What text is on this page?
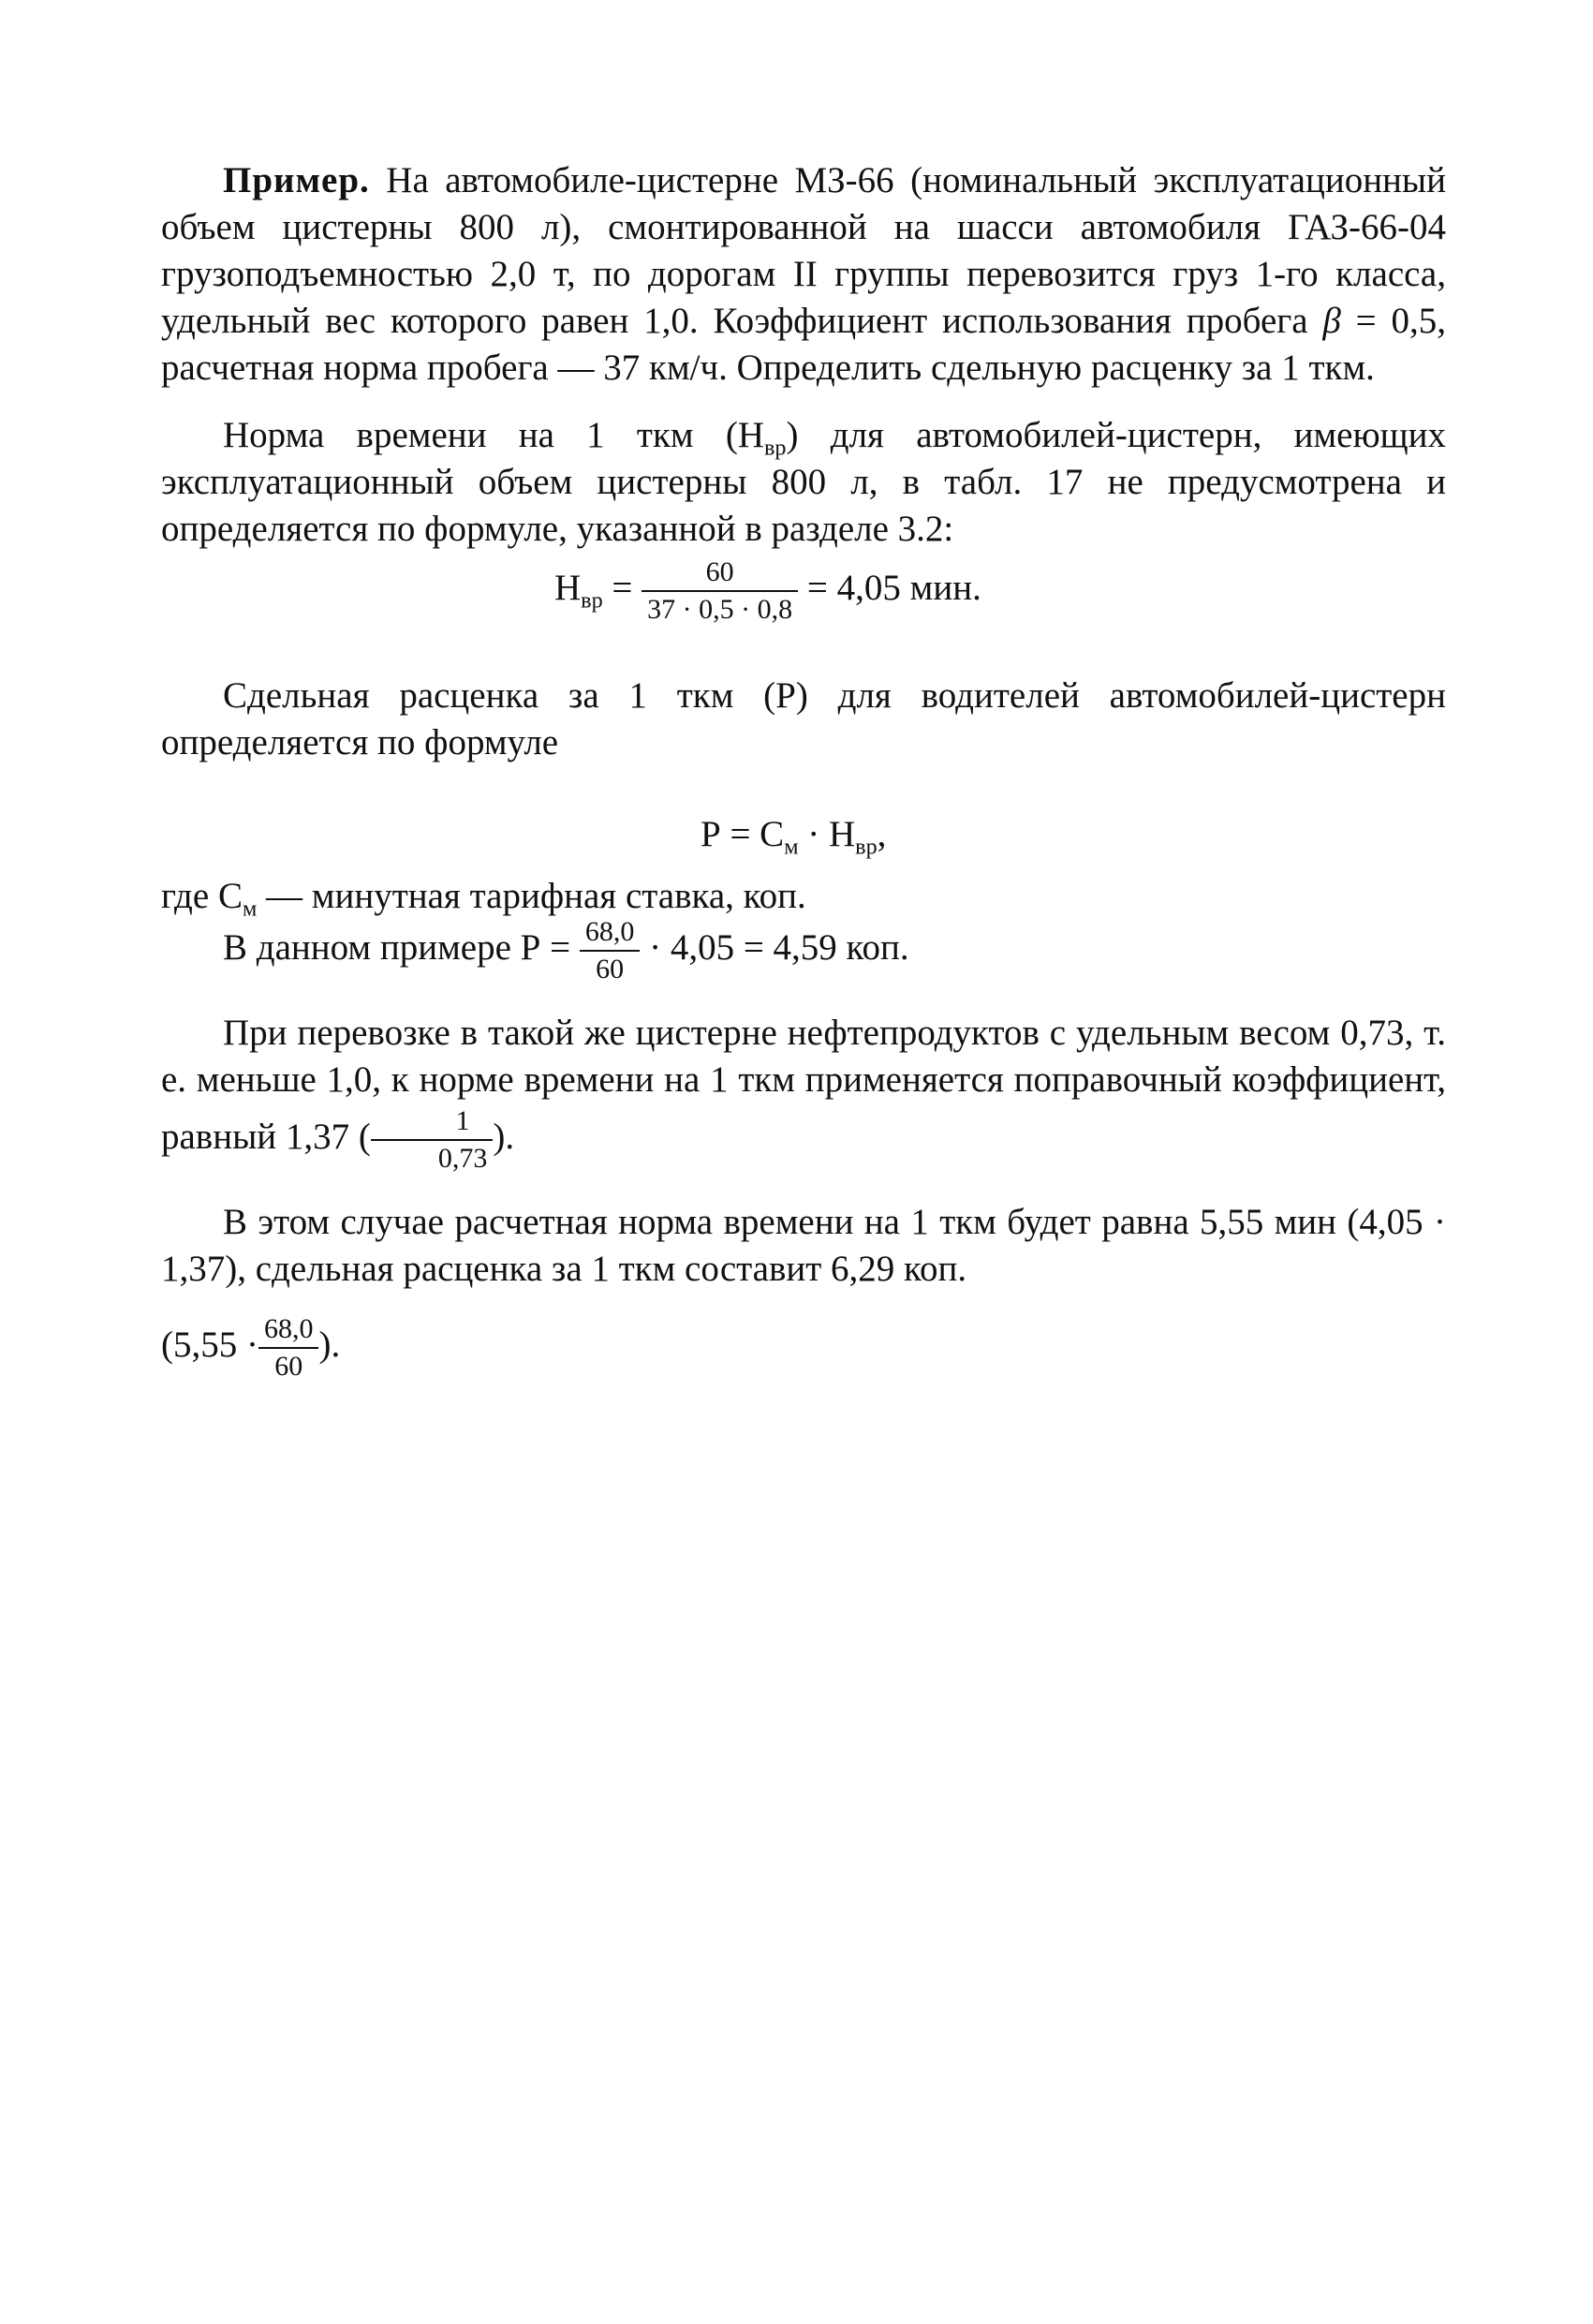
Пример. На автомобиле-цистерне МЗ-66 (номинальный эксплуатационный объем цистерны 800 л), смонтированной на шасси автомобиля ГАЗ-66-04 грузоподъемностью 2,0 т, по дорогам II группы перевозится груз 1-го класса, удельный вес которого равен 1,0. Коэффициент использования пробега β = 0,5, расчетная норма пробега — 37 км/ч. Определить сдельную расценку за 1 ткм.

Норма времени на 1 ткм $(Н_{вр})$ для автомобилей-цистерн, имеющих эксплуатационный объем цистерны 800 л, в табл. 17 не предусмотрена и определяется по формуле, указанной в разделе 3.2:

$Н_{вр} = \frac{60}{37 \cdot 0,5 \cdot 0,8} = 4,05$ мин.

Сдельная расценка за 1 ткм (Р) для водителей автомобилей-цистерн определяется по формуле

$Р = С_м \cdot Н_{вр}$,
где $С_м$ — минутная тарифная ставка, коп.
В данном примере $Р = \frac{68,0}{60} \cdot 4,05 = 4,59$ коп.

При перевозке в такой же цистерне нефтепродуктов с удельным весом 0,73, т. е. меньше 1,0, к норме времени на 1 ткм применяется поправочный коэффициент, равный 1,37 ( $\frac{1}{0,73}$ ).

В этом случае расчетная норма времени на 1 ткм будет равна 5,55 мин (4,05 · 1,37), сдельная расценка за 1 ткм составит 6,29 коп.

($5,55 \cdot \frac{68,0}{60}$ ).
